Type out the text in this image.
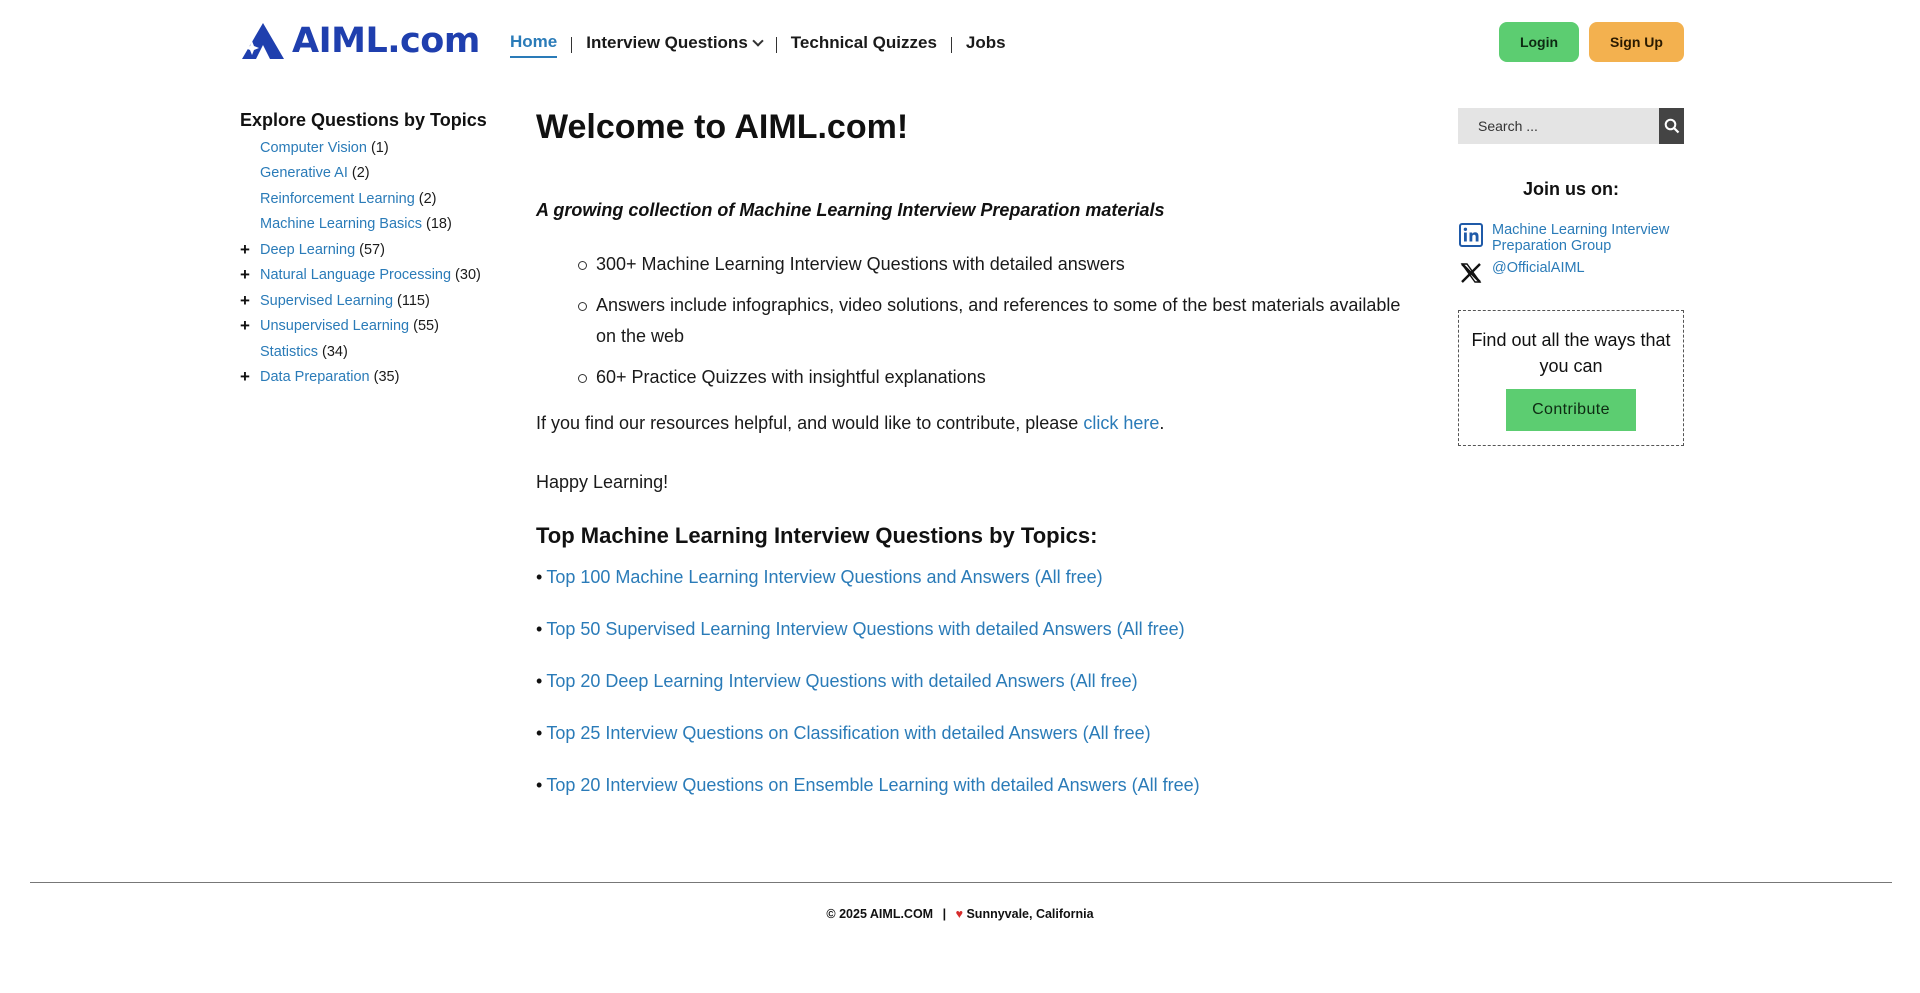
AIML.com Home Interview Questions	Technical Quizzes Jobs	Login	Sign Up
Explore Questions by Topics
Computer Vision (1)
Generative AI (2)
Reinforcement Learning (2)
Machine Learning Basics (18)
+ Deep Learning (57)
+ Natural Language Processing (30)
+ Supervised Learning (115)
+ Unsupervised Learning (55)
Statistics (34)
+ Data Preparation (35)
Welcome to AIML.com!

A growing collection of Machine Learning Interview Preparation materials

300+ Machine Learning Interview Questions with detailed answers
Answers include infographics, video solutions, and references to some of the best materials available on the web
60+ Practice Quizzes with insightful explanations

If you find our resources helpful, and would like to contribute, please click here.

Happy Learning!

Top Machine Learning Interview Questions by Topics:
• Top 100 Machine Learning Interview Questions and Answers (All free)
• Top 50 Supervised Learning Interview Questions with detailed Answers (All free)
• Top 20 Deep Learning Interview Questions with detailed Answers (All free)
• Top 25 Interview Questions on Classification with detailed Answers (All free)
• Top 20 Interview Questions on Ensemble Learning with detailed Answers (All free)
Search ...
Join us on:
Machine Learning Interview Preparation Group
@OfficialAIML

Find out all the ways that you can

Contribute
© 2025 AIML.COM | ♥ Sunnyvale, California
